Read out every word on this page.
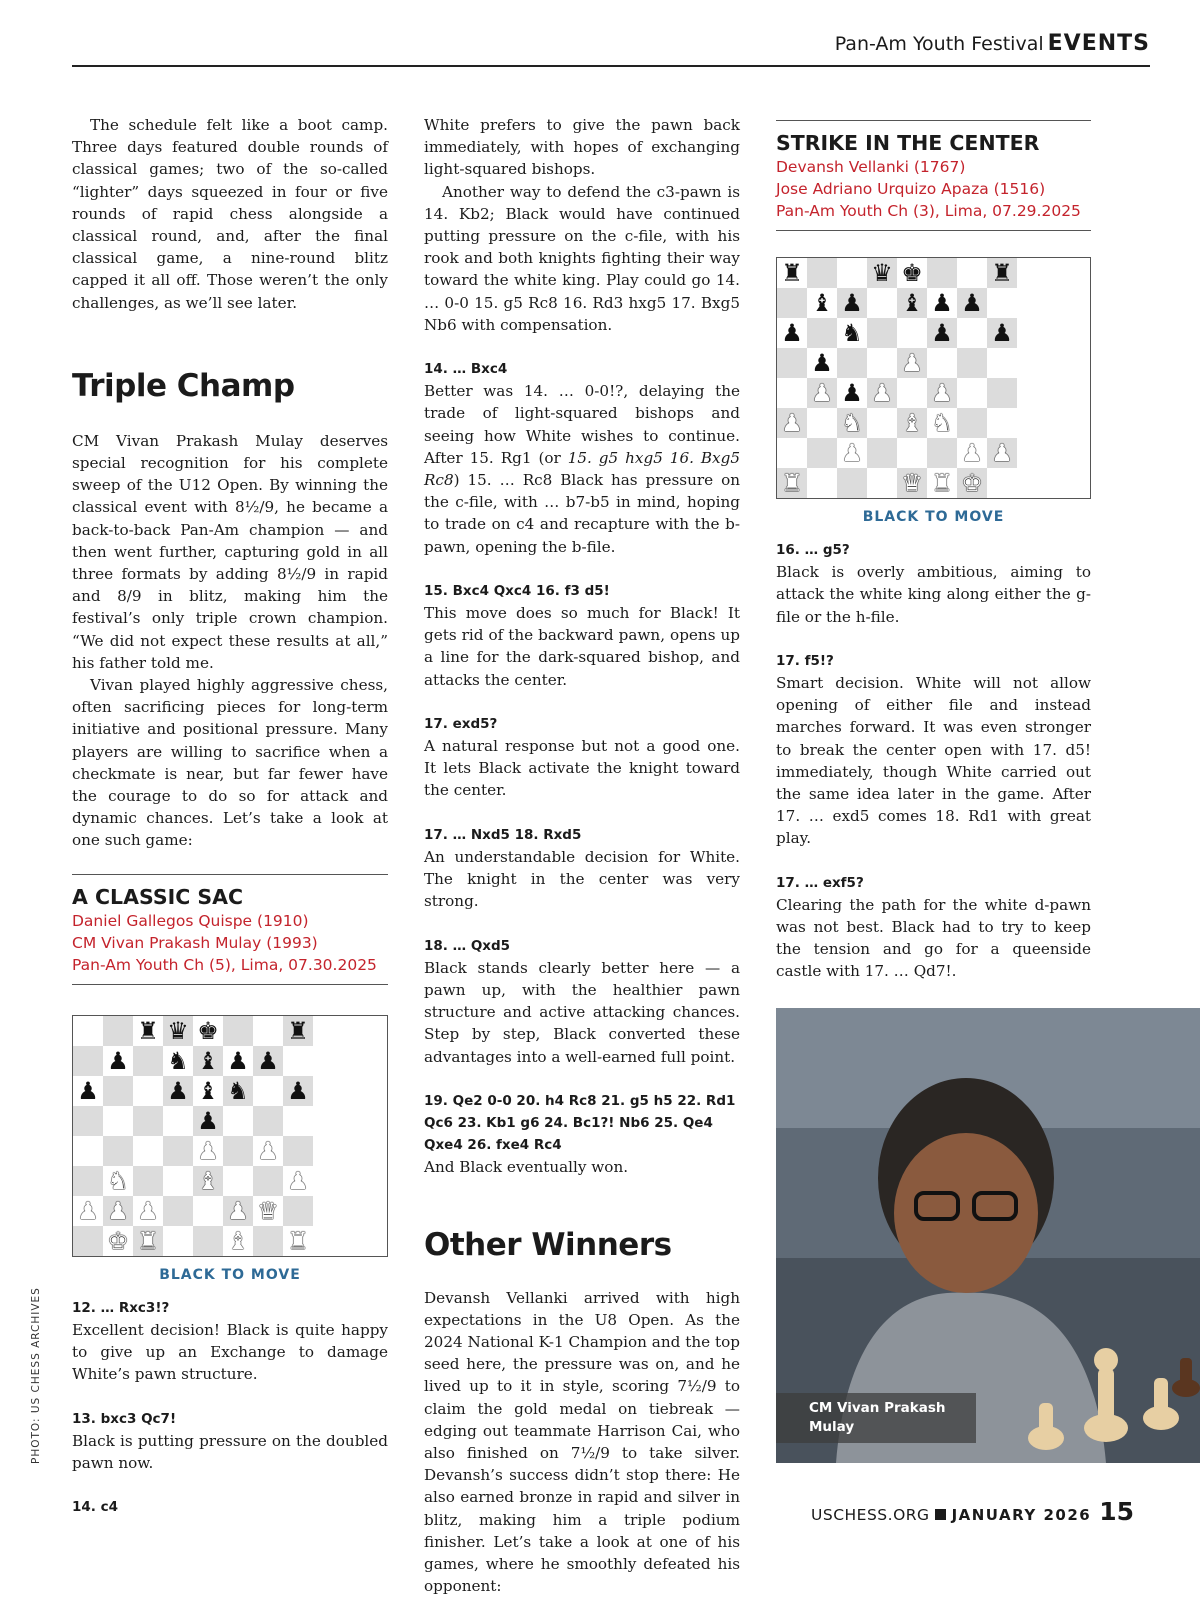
Pan-Am Youth Festival EVENTS

The schedule felt like a boot camp. Three days featured double rounds of classical games; two of the so-called “lighter” days squeezed in four or five rounds of rapid chess alongside a classical round, and, after the final classical game, a nine-round blitz capped it all off. Those weren’t the only challenges, as we’ll see later.

Triple Champ

CM Vivan Prakash Mulay deserves special recognition for his complete sweep of the U12 Open. By winning the classical event with 8½/9, he became a back-to-back Pan-Am champion — and then went further, capturing gold in all three formats by adding 8½/9 in rapid and 8/9 in blitz, making him the festival’s only triple crown champion. “We did not expect these results at all,” his father told me.

Vivan played highly aggressive chess, often sacrificing pieces for long-term initiative and positional pressure. Many players are willing to sacrifice when a checkmate is near, but far fewer have the courage to do so for attack and dynamic chances. Let’s take a look at one such game:

A CLASSIC SAC
Daniel Gallegos Quispe (1910)
CM Vivan Prakash Mulay (1993)
Pan-Am Youth Ch (5), Lima, 07.30.2025
♜ ♛ ♚	♜
♟ ♞ ♝ ♟ ♟
♟	♟ ♝ ♞ ♟
♟
♟ ♟
♞	♝	♟
♟ ♟ ♟	♟ ♛
♚ ♜	♝ ♜
BLACK TO MOVE

12. … Rxc3!?

Excellent decision! Black is quite happy to give up an Exchange to damage White’s pawn structure.

13. bxc3 Qc7!

Black is putting pressure on the doubled pawn now.

14. c4

White prefers to give the pawn back immediately, with hopes of exchanging light-squared bishops.

Another way to defend the c3-pawn is 14. Kb2; Black would have continued putting pressure on the c-file, with his rook and both knights fighting their way toward the white king. Play could go 14. … 0-0 15. g5 Rc8 16. Rd3 hxg5 17. Bxg5 Nb6 with compensation.

14. … Bxc4

Better was 14. … 0-0!?, delaying the trade of light-squared bishops and seeing how White wishes to continue. After 15. Rg1 (or 15. g5 hxg5 16. Bxg5 Rc8) 15. … Rc8 Black has pressure on the c-file, with … b7-b5 in mind, hoping to trade on c4 and recapture with the b-pawn, opening the b-file.

15. Bxc4 Qxc4 16. f3 d5!

This move does so much for Black! It gets rid of the backward pawn, opens up a line for the dark-squared bishop, and attacks the center.

17. exd5?

A natural response but not a good one. It lets Black activate the knight toward the center.

17. … Nxd5 18. Rxd5

An understandable decision for White. The knight in the center was very strong.

18. … Qxd5

Black stands clearly better here — a pawn up, with the healthier pawn structure and active attacking chances. Step by step, Black converted these advantages into a well-earned full point.

19. Qe2 0-0 20. h4 Rc8 21. g5 h5 22. Rd1 Qc6 23. Kb1 g6 24. Bc1?! Nb6 25. Qe4 Qxe4 26. fxe4 Rc4

And Black eventually won.

Other Winners

Devansh Vellanki arrived with high expectations in the U8 Open. As the 2024 National K-1 Champion and the top seed here, the pressure was on, and he lived up to it in style, scoring 7½/9 to claim the gold medal on tiebreak — edging out teammate Harrison Cai, who also finished on 7½/9 to take silver. Devansh’s success didn’t stop there: He also earned bronze in rapid and silver in blitz, making him a triple podium finisher. Let’s take a look at one of his games, where he smoothly defeated his opponent:

STRIKE IN THE CENTER
Devansh Vellanki (1767)
Jose Adriano Urquizo Apaza (1516)
Pan-Am Youth Ch (3), Lima, 07.29.2025
♜	♛ ♚	♜
♝ ♟ ♝ ♟ ♟
♟ ♞	♟ ♟
♟	♟
♟ ♟ ♟ ♟
♟ ♞ ♝ ♞
♟	♟ ♟
♜	♛ ♜ ♚
BLACK TO MOVE

16. … g5?

Black is overly ambitious, aiming to attack the white king along either the g-file or the h-file.

17. f5!?

Smart decision. White will not allow opening of either file and instead marches forward. It was even stronger to break the center open with 17. d5! immediately, though White carried out the same idea later in the game. After 17. … exd5 comes 18. Rd1 with great play.

17. … exf5?

Clearing the path for the white d-pawn was not best. Black had to try to keep the tension and go for a queenside castle with 17. … Qd7!.

CM Vivan Prakash Mulay
PHOTO: US CHESS ARCHIVES
USCHESS.ORG JANUARY 2026 15
